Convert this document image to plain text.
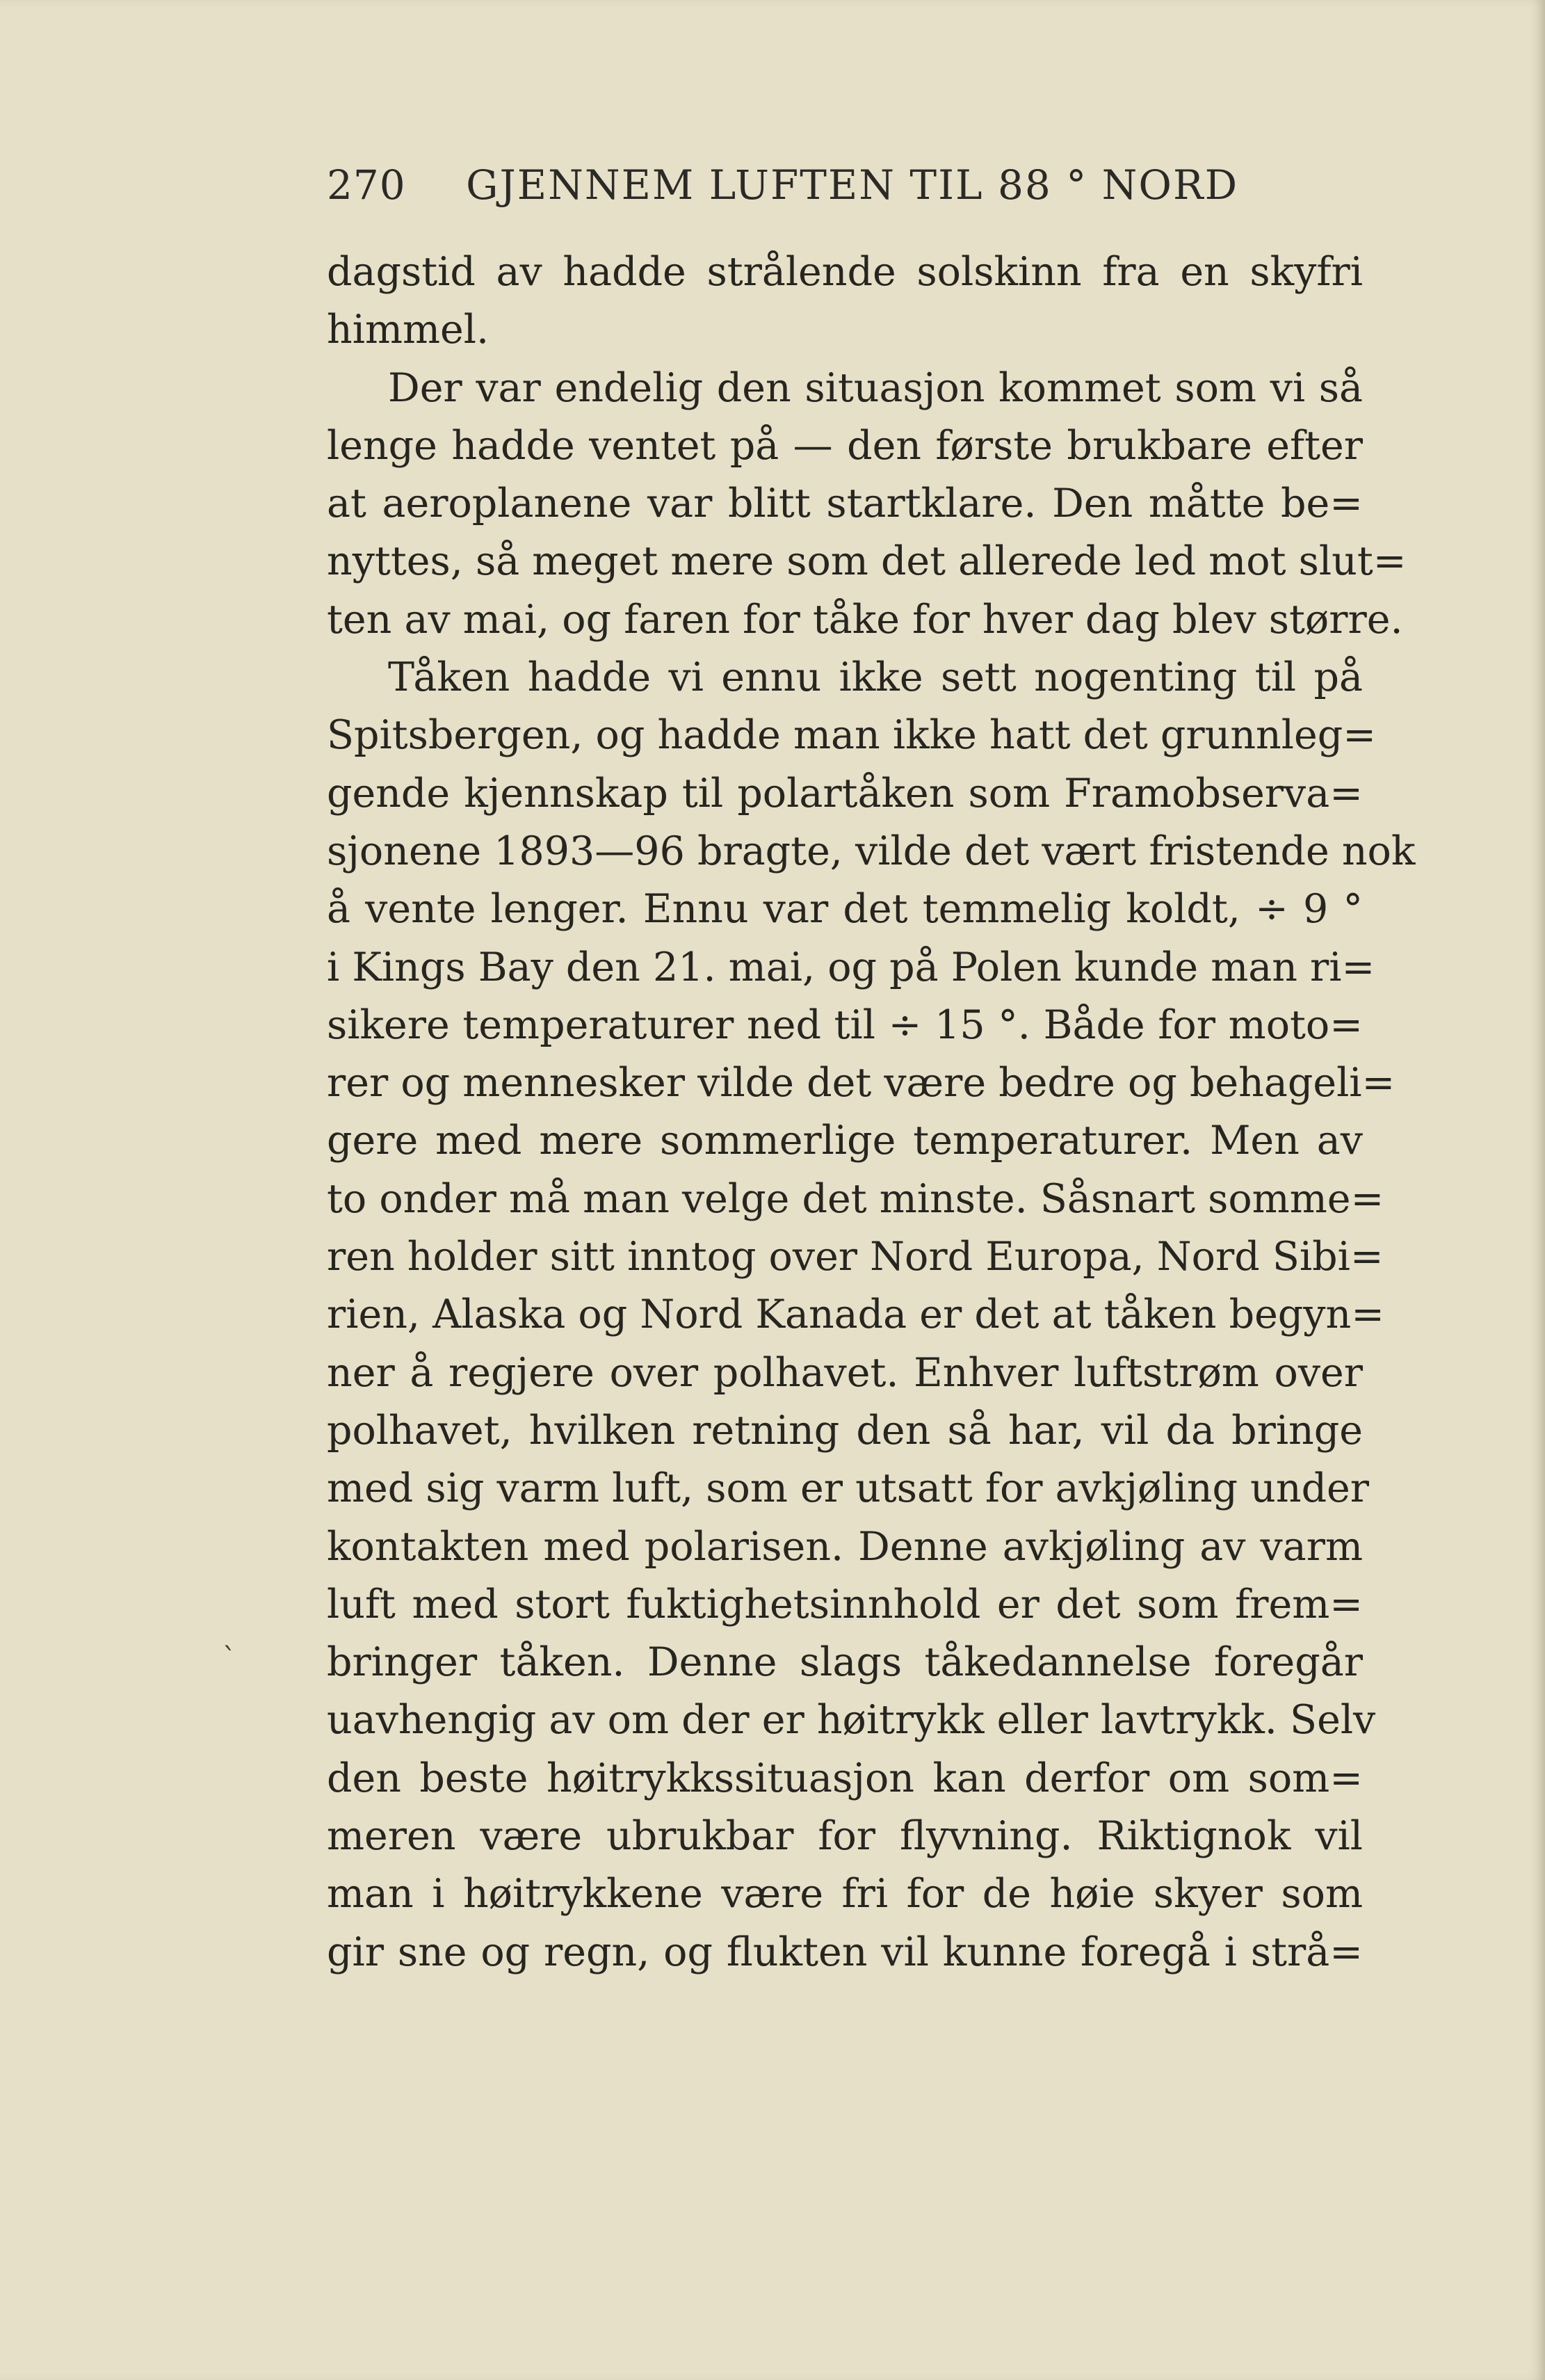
270 GJENNEM LUFTEN TIL 88 ° NORD
dagstid av hadde strålende solskinn fra en skyfri
himmel.
Der var endelig den situasjon kommet som vi så
lenge hadde ventet på — den første brukbare efter
at aeroplanene var blitt startklare. Den måtte be=
nyttes, så meget mere som det allerede led mot slut=
ten av mai, og faren for tåke for hver dag blev større.
Tåken hadde vi ennu ikke sett nogenting til på
Spitsbergen, og hadde man ikke hatt det grunnleg=
gende kjennskap til polartåken som Framobserva=
sjonene 1893—96 bragte, vilde det vært fristende nok
å vente lenger. Ennu var det temmelig koldt, ÷ 9 °
i Kings Bay den 21. mai, og på Polen kunde man ri=
sikere temperaturer ned til ÷ 15 °. Både for moto=
rer og mennesker vilde det være bedre og behageli=
gere med mere sommerlige temperaturer. Men av
to onder må man velge det minste. Såsnart somme=
ren holder sitt inntog over Nord Europa, Nord Sibi=
rien, Alaska og Nord Kanada er det at tåken begyn=
ner å regjere over polhavet. Enhver luftstrøm over
polhavet, hvilken retning den så har, vil da bringe
med sig varm luft, som er utsatt for avkjøling under
kontakten med polarisen. Denne avkjøling av varm
luft med stort fuktighetsinnhold er det som frem=
bringer tåken. Denne slags tåkedannelse foregår
uavhengig av om der er høitrykk eller lavtrykk. Selv
den beste høitrykkssituasjon kan derfor om som=
meren være ubrukbar for flyvning. Riktignok vil
man i høitrykkene være fri for de høie skyer som
gir sne og regn, og flukten vil kunne foregå i strå=
ˋ
